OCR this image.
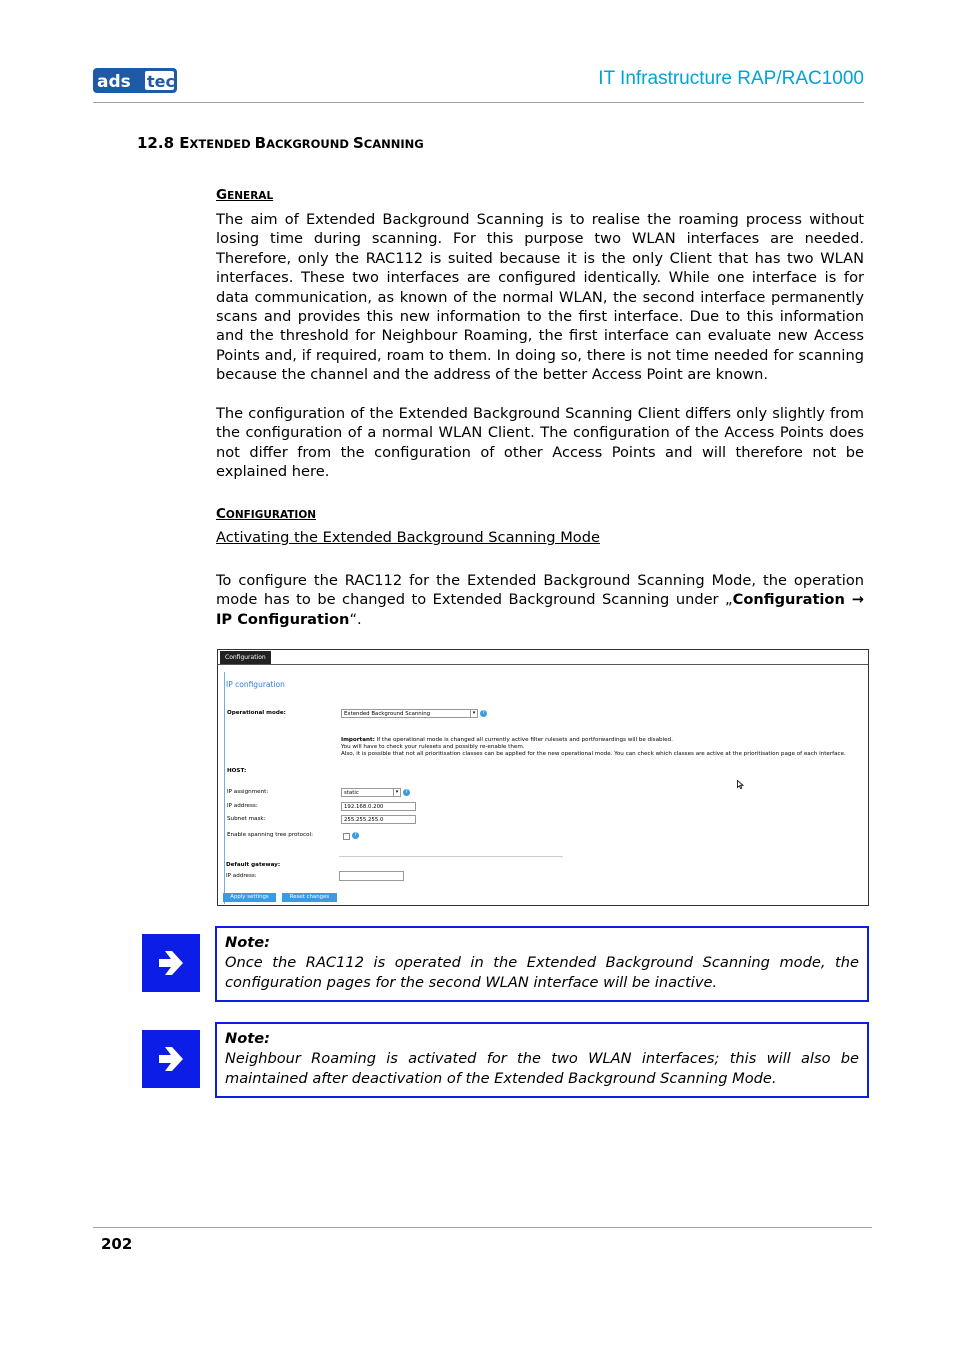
ads tec	IT Infrastructure RAP/RAC1000
12.8 EXTENDED BACKGROUND SCANNING
GENERAL
The aim of Extended Background Scanning is to realise the roaming process without losing time during scanning. For this purpose two WLAN interfaces are needed. Therefore, only the RAC112 is suited because it is the only Client that has two WLAN interfaces. These two interfaces are configured identically. While one interface is for data communication, as known of the normal WLAN, the second interface permanently scans and provides this new information to the first interface. Due to this information and the threshold for Neighbour Roaming, the first interface can evaluate new Access Points and, if required, roam to them. In doing so, there is not time needed for scanning because the channel and the address of the better Access Point are known.
The configuration of the Extended Background Scanning Client differs only slightly from the configuration of a normal WLAN Client. The configuration of the Access Points does not differ from the configuration of other Access Points and will therefore not be explained here.
CONFIGURATION
Activating the Extended Background Scanning Mode
To configure the RAC112 for the Extended Background Scanning Mode, the operation mode has to be changed to Extended Background Scanning under „Configuration → IP Configuration“.
Configuration
IP configuration
Operational mode:	Extended Background Scanning	▾	?
Important: If the operational mode is changed all currently active filter rulesets and portforwardings will be disabled.
You will have to check your rulesets and possibly re-enable them.
Also, it is possible that not all prioritisation classes can be applied for the new operational mode. You can check which classes are active at the prioritisation page of each interface.
HOST:
IP assignment:	static	▾	?
IP address:	192.168.0.200
Subnet mask:	255.255.255.0
Enable spanning tree protocol:	?
Default gateway:
IP address:
Apply settings	Reset changes
Note:
Once the RAC112 is operated in the Extended Background Scanning mode, the configuration pages for the second WLAN interface will be inactive.
Note:
Neighbour Roaming is activated for the two WLAN interfaces; this will also be maintained after deactivation of the Extended Background Scanning Mode.
202
